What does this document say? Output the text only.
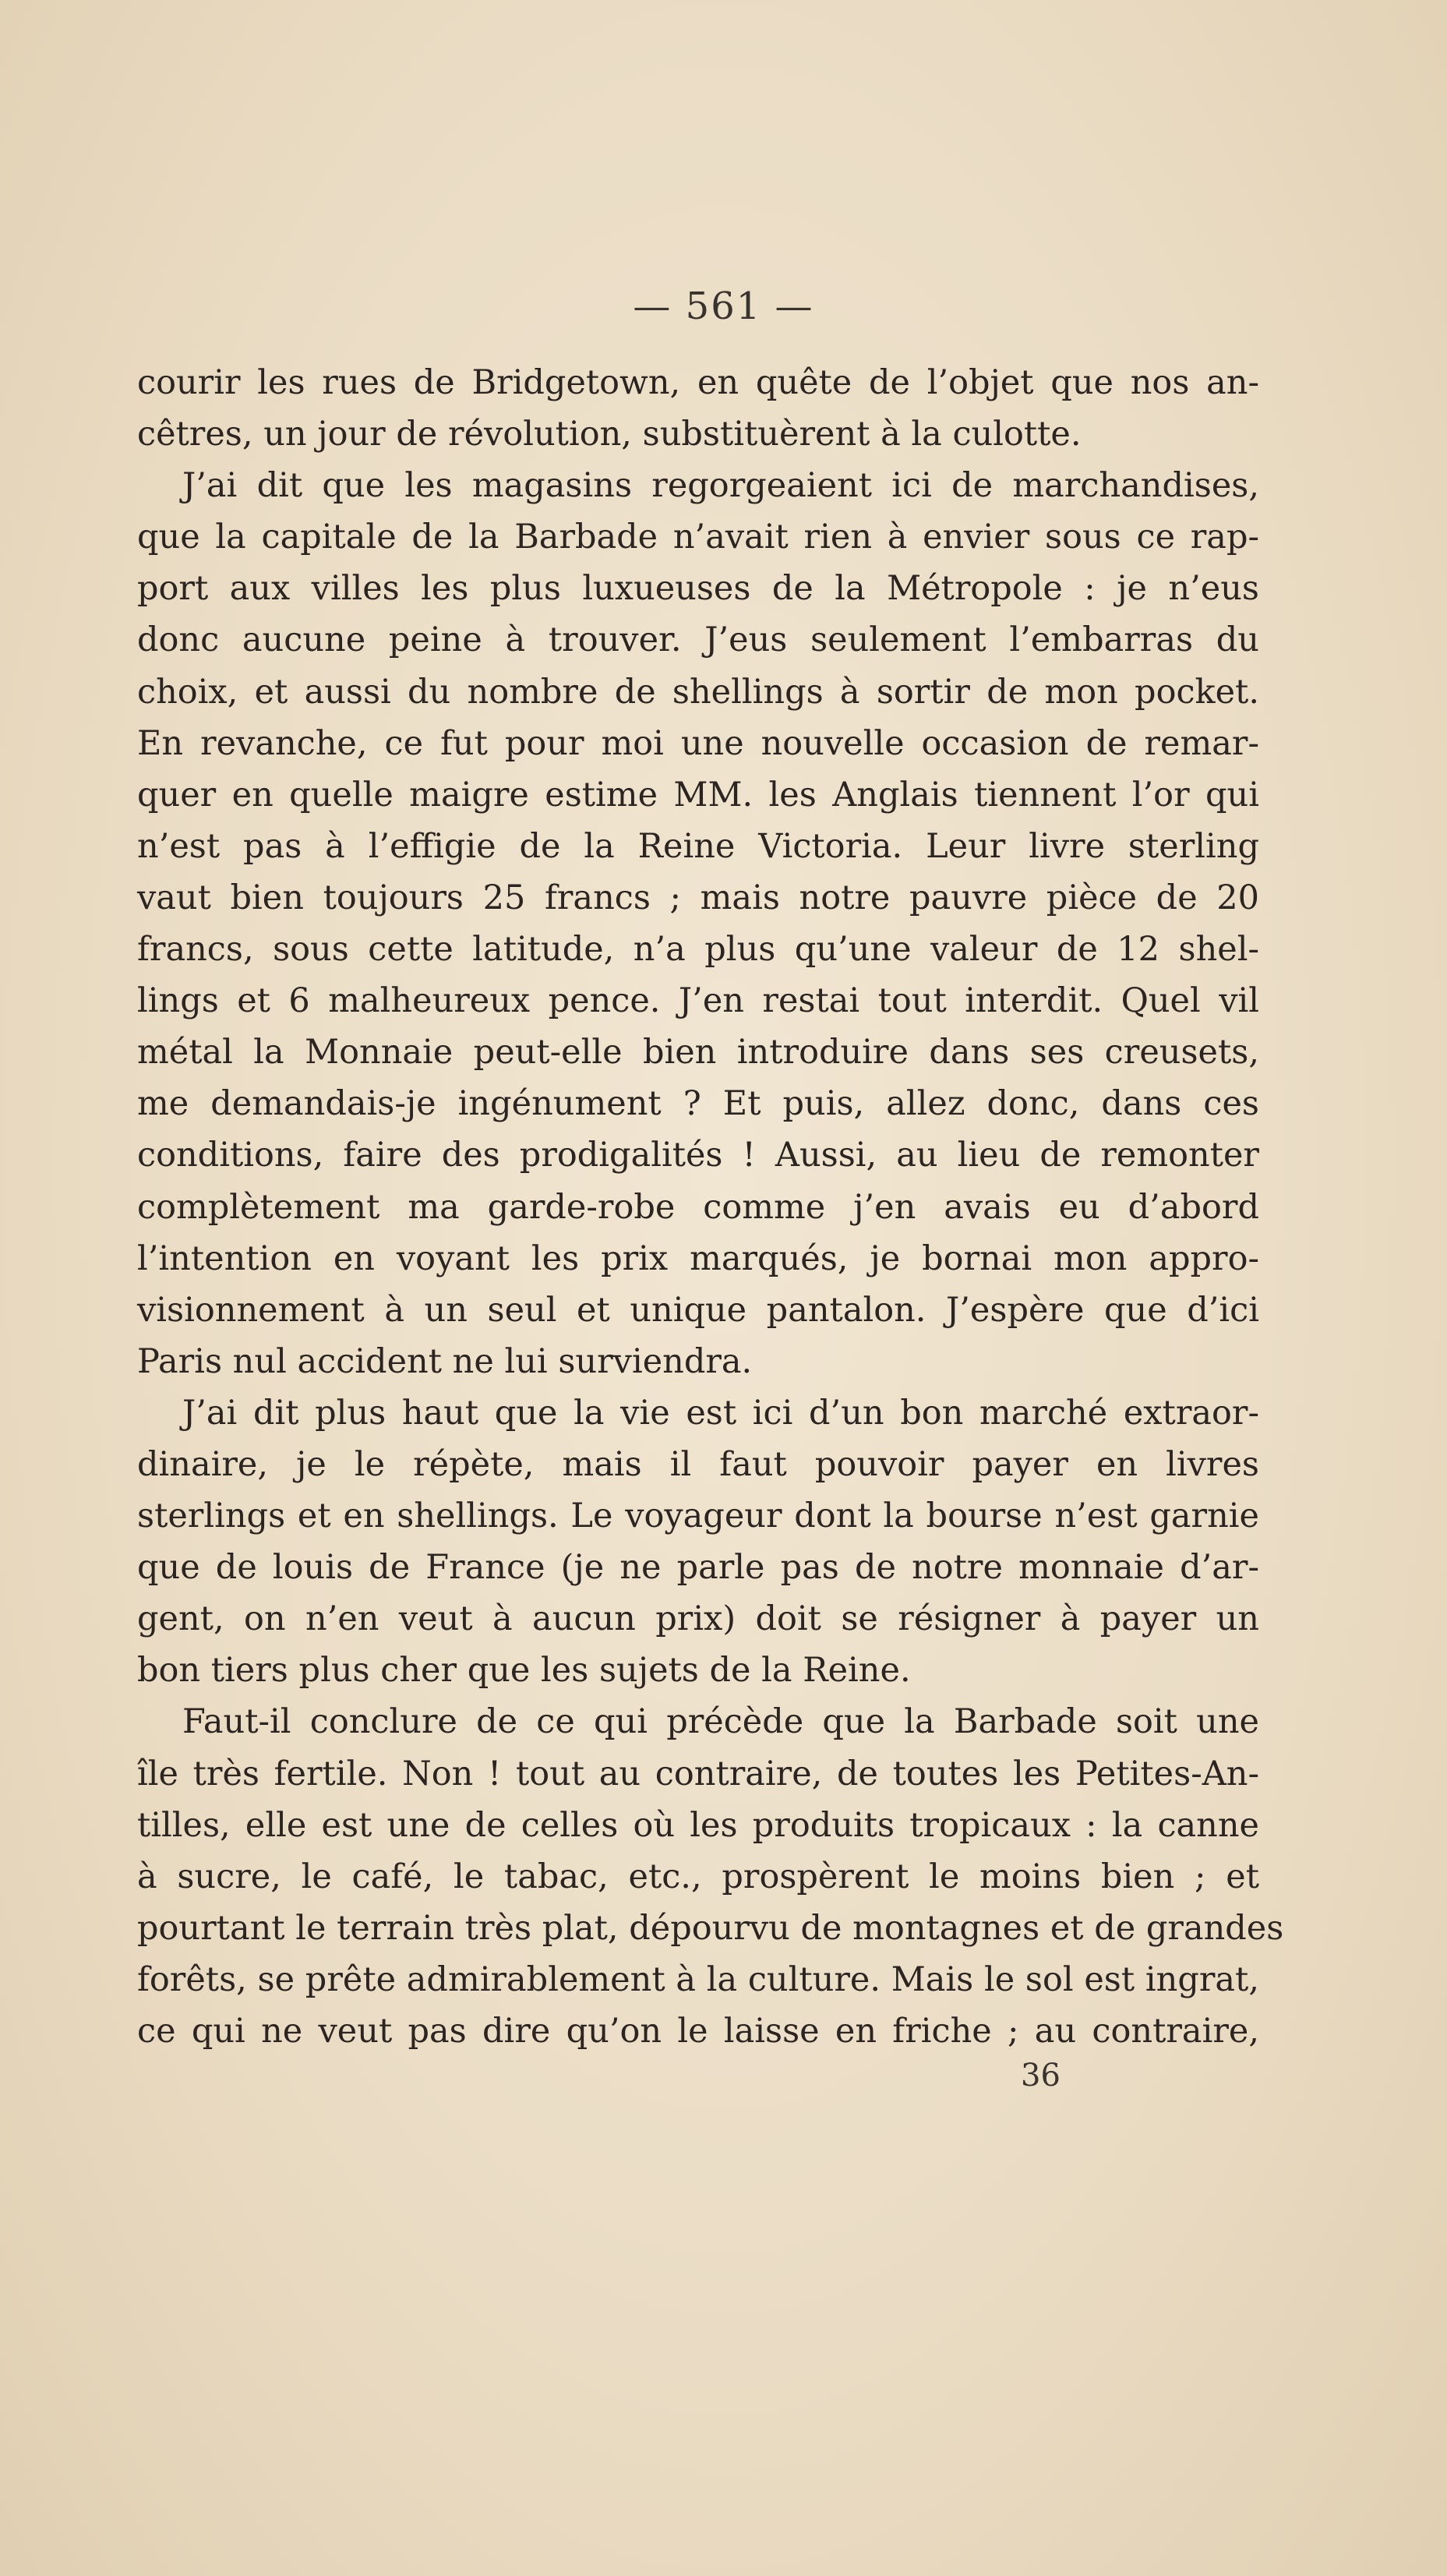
— 561 —
courir les rues de Bridgetown, en quête de l’objet que nos an-
cêtres, un jour de révolution, substituèrent à la culotte.
J’ai dit que les magasins regorgeaient ici de marchandises,
que la capitale de la Barbade n’avait rien à envier sous ce rap-
port aux villes les plus luxueuses de la Métropole : je n’eus
donc aucune peine à trouver. J’eus seulement l’embarras du
choix, et aussi du nombre de shellings à sortir de mon pocket.
En revanche, ce fut pour moi une nouvelle occasion de remar-
quer en quelle maigre estime MM. les Anglais tiennent l’or qui
n’est pas à l’effigie de la Reine Victoria. Leur livre sterling
vaut bien toujours 25 francs ; mais notre pauvre pièce de 20
francs, sous cette latitude, n’a plus qu’une valeur de 12 shel-
lings et 6 malheureux pence. J’en restai tout interdit. Quel vil
métal la Monnaie peut-elle bien introduire dans ses creusets,
me demandais-je ingénument ? Et puis, allez donc, dans ces
conditions, faire des prodigalités ! Aussi, au lieu de remonter
complètement ma garde-robe comme j’en avais eu d’abord
l’intention en voyant les prix marqués, je bornai mon appro-
visionnement à un seul et unique pantalon. J’espère que d’ici
Paris nul accident ne lui surviendra.
J’ai dit plus haut que la vie est ici d’un bon marché extraor-
dinaire, je le répète, mais il faut pouvoir payer en livres
sterlings et en shellings. Le voyageur dont la bourse n’est garnie
que de louis de France (je ne parle pas de notre monnaie d’ar-
gent, on n’en veut à aucun prix) doit se résigner à payer un
bon tiers plus cher que les sujets de la Reine.
Faut-il conclure de ce qui précède que la Barbade soit une
île très fertile. Non ! tout au contraire, de toutes les Petites-An-
tilles, elle est une de celles où les produits tropicaux : la canne
à sucre, le café, le tabac, etc., prospèrent le moins bien ; et
pourtant le terrain très plat, dépourvu de montagnes et de grandes
forêts, se prête admirablement à la culture. Mais le sol est ingrat,
ce qui ne veut pas dire qu’on le laisse en friche ; au contraire,
36
